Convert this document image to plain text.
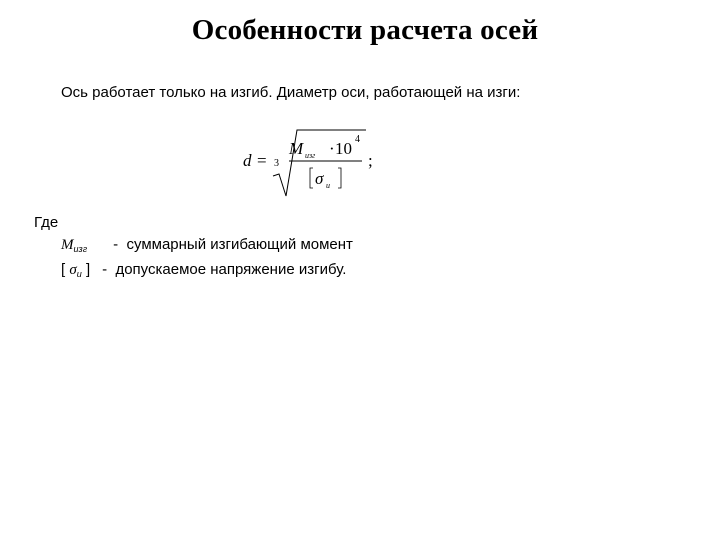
Особенности расчета осей
Ось работает только на изгиб. Диаметр оси, работающей на изги:
d = 3
M изг · 10 4
σ и
;
Где
$M_{изг}$ - суммарный изгибающий момент
[ $\sigma_и$ ] - допускаемое напряжение изгибу.
